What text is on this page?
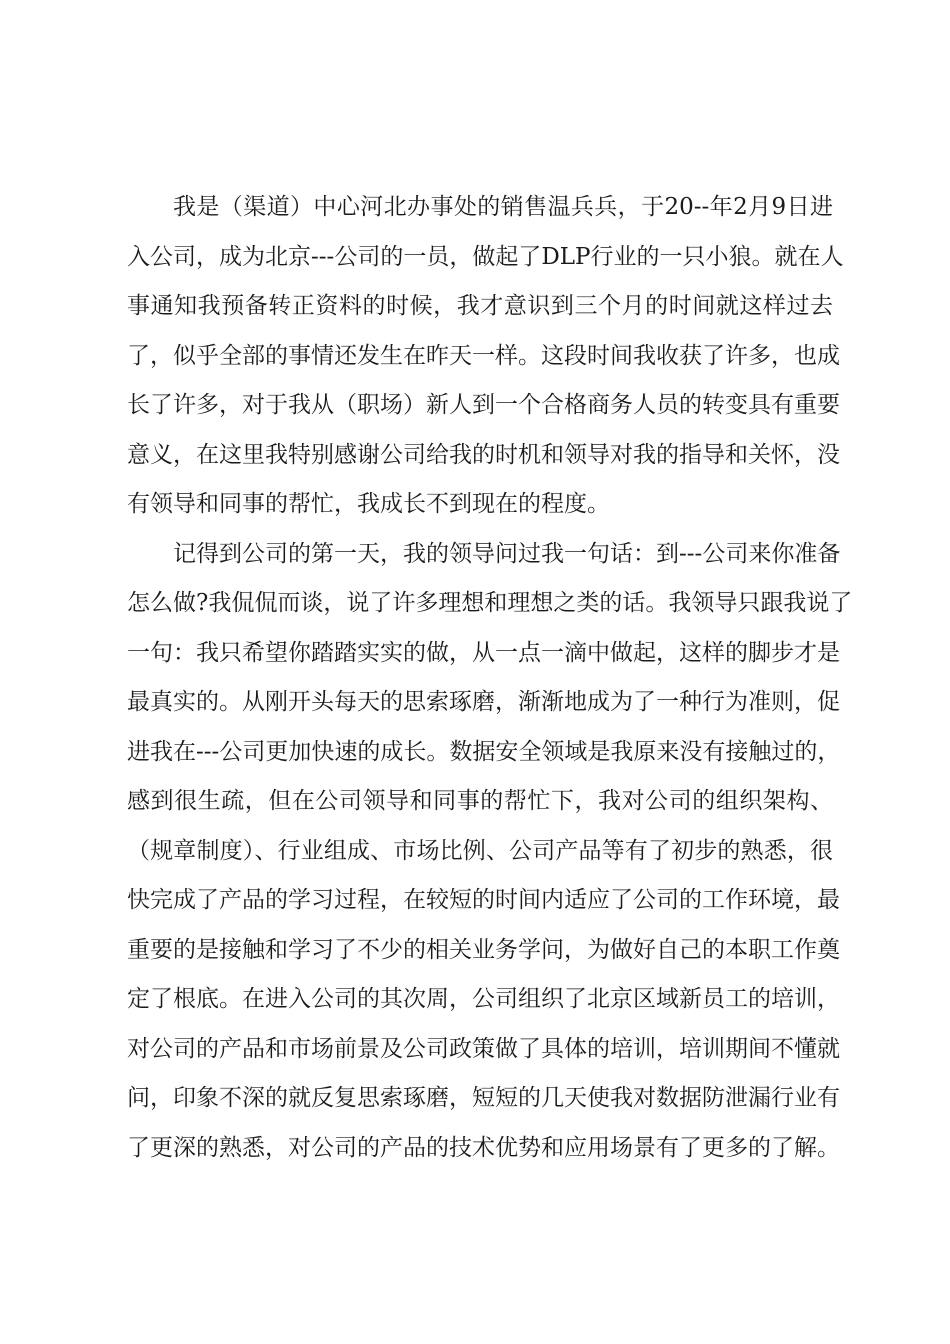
我是（渠道）中心河北办事处的销售温兵兵，于20--年2月9日进
入公司，成为北京---公司的一员，做起了DLP行业的一只小狼。就在人
事通知我预备转正资料的时候，我才意识到三个月的时间就这样过去
了，似乎全部的事情还发生在昨天一样。这段时间我收获了许多，也成
长了许多，对于我从（职场）新人到一个合格商务人员的转变具有重要
意义，在这里我特别感谢公司给我的时机和领导对我的指导和关怀，没
有领导和同事的帮忙，我成长不到现在的程度。
记得到公司的第一天，我的领导问过我一句话：到---公司来你准备
怎么做?我侃侃而谈，说了许多理想和理想之类的话。我领导只跟我说了
一句：我只希望你踏踏实实的做，从一点一滴中做起，这样的脚步才是
最真实的。从刚开头每天的思索琢磨，渐渐地成为了一种行为准则，促
进我在---公司更加快速的成长。数据安全领域是我原来没有接触过的，
感到很生疏，但在公司领导和同事的帮忙下，我对公司的组织架构、
（规章制度）、行业组成、市场比例、公司产品等有了初步的熟悉，很
快完成了产品的学习过程，在较短的时间内适应了公司的工作环境，最
重要的是接触和学习了不少的相关业务学问，为做好自己的本职工作奠
定了根底。在进入公司的其次周，公司组织了北京区域新员工的培训，
对公司的产品和市场前景及公司政策做了具体的培训，培训期间不懂就
问，印象不深的就反复思索琢磨，短短的几天使我对数据防泄漏行业有
了更深的熟悉，对公司的产品的技术优势和应用场景有了更多的了解。
